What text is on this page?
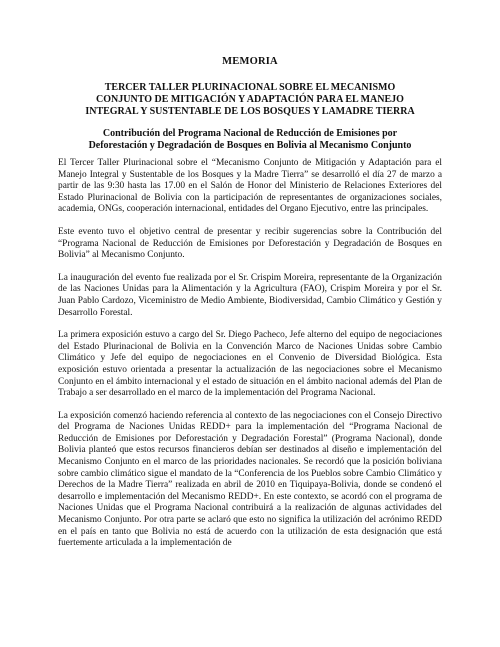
MEMORIA
TERCER TALLER PLURINACIONAL SOBRE EL MECANISMO CONJUNTO DE MITIGACIÓN Y ADAPTACIÓN PARA EL MANEJO INTEGRAL Y SUSTENTABLE DE LOS BOSQUES Y LAMADRE TIERRA
Contribución del Programa Nacional de Reducción de Emisiones por Deforestación y Degradación de Bosques en Bolivia al Mecanismo Conjunto

El Tercer Taller Plurinacional sobre el “Mecanismo Conjunto de Mitigación y Adaptación para el Manejo Integral y Sustentable de los Bosques y la Madre Tierra” se desarrolló el día 27 de marzo a partir de las 9:30 hasta las 17.00 en el Salón de Honor del Ministerio de Relaciones Exteriores del Estado Plurinacional de Bolivia con la participación de representantes de organizaciones sociales, academia, ONGs, cooperación internacional, entidades del Organo Ejecutivo, entre las principales.

Este evento tuvo el objetivo central de presentar y recibir sugerencias sobre la Contribución del “Programa Nacional de Reducción de Emisiones por Deforestación y Degradación de Bosques en Bolivia” al Mecanismo Conjunto.

La inauguración del evento fue realizada por el Sr. Crispim Moreira, representante de la Organización de las Naciones Unidas para la Alimentación y la Agricultura (FAO), Crispim Moreira y por el Sr. Juan Pablo Cardozo, Viceministro de Medio Ambiente, Biodiversidad, Cambio Climático y Gestión y Desarrollo Forestal.

La primera exposición estuvo a cargo del Sr. Diego Pacheco, Jefe alterno del equipo de negociaciones del Estado Plurinacional de Bolivia en la Convención Marco de Naciones Unidas sobre Cambio Climático y Jefe del equipo de negociaciones en el Convenio de Diversidad Biológica. Esta exposición estuvo orientada a presentar la actualización de las negociaciones sobre el Mecanismo Conjunto en el ámbito internacional y el estado de situación en el ámbito nacional además del Plan de Trabajo a ser desarrollado en el marco de la implementación del Programa Nacional.

La exposición comenzó haciendo referencia al contexto de las negociaciones con el Consejo Directivo del Programa de Naciones Unidas REDD+ para la implementación del “Programa Nacional de Reducción de Emisiones por Deforestación y Degradación Forestal” (Programa Nacional), donde Bolivia planteó que estos recursos financieros debían ser destinados al diseño e implementación del Mecanismo Conjunto en el marco de las prioridades nacionales. Se recordó que la posición boliviana sobre cambio climático sigue el mandato de la “Conferencia de los Pueblos sobre Cambio Climático y Derechos de la Madre Tierra” realizada en abril de 2010 en Tiquipaya-Bolivia, donde se condenó el desarrollo e implementación del Mecanismo REDD+. En este contexto, se acordó con el programa de Naciones Unidas que el Programa Nacional contribuirá a la realización de algunas actividades del Mecanismo Conjunto. Por otra parte se aclaró que esto no significa la utilización del acrónimo REDD en el país en tanto que Bolivia no está de acuerdo con la utilización de esta designación que está fuertemente articulada a la implementación de
